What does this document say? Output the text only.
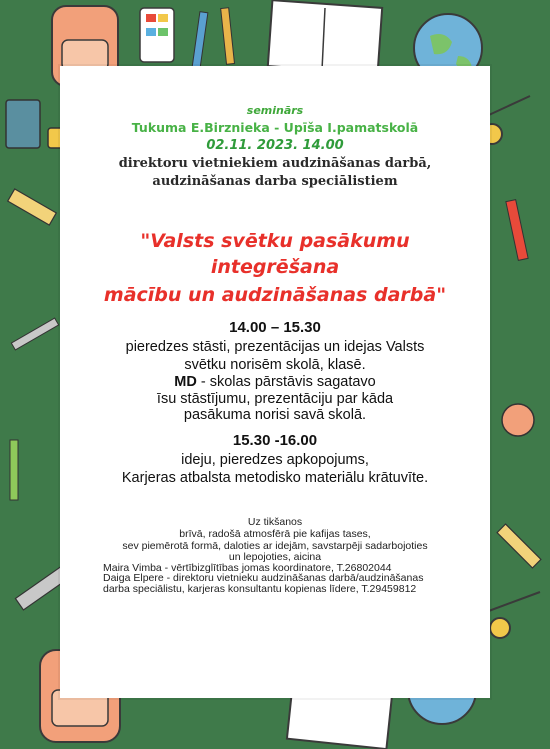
seminārs

Tukuma E.Birznieka - Upīša I.pamatskolā

02.11. 2023. 14.00

direktoru vietniekiem audzināšanas darbā,

audzināšanas darba speciālistiem

"Valsts svētku pasākumu

integrēšana

mācību un audzināšanas darbā"

14.00 – 15.30

pieredzes stāsti, prezentācijas un idejas Valsts

svētku norisēm skolā, klasē.

MD - skolas pārstāvis sagatavo

īsu stāstījumu, prezentāciju par kāda

pasākuma norisi savā skolā.

15.30 -16.00

ideju, pieredzes apkopojums,

Karjeras atbalsta metodisko materiālu krātuvīte.

Uz tikšanos

brīvā, radošā atmosfērā pie kafijas tases,

sev piemērotā formā, daloties ar idejām, savstarpēji sadarbojoties

un lepojoties, aicina

Maira Vimba - vērtībizglītības jomas koordinatore, T.26802044

Daiga Elpere - direktoru vietnieku audzināšanas darbā/audzināšanas

darba speciālistu, karjeras konsultantu kopienas līdere, T.29459812
